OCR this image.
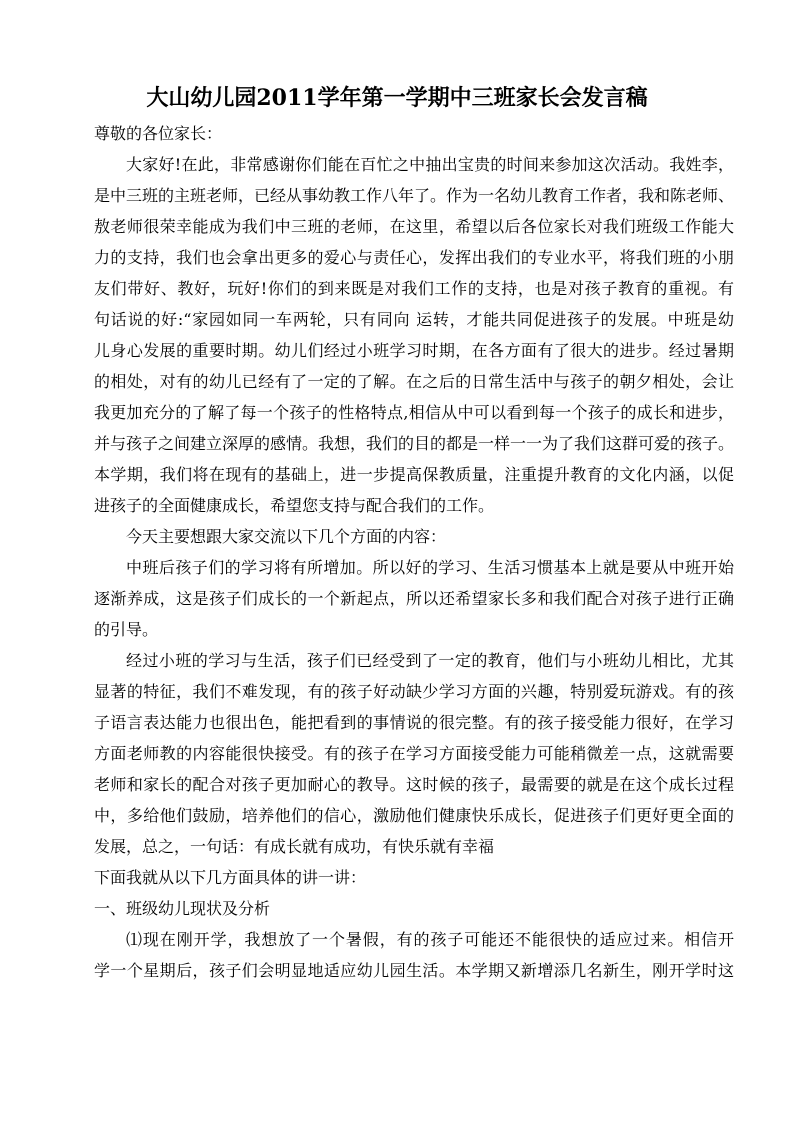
大山幼儿园2011学年第一学期中三班家长会发言稿
尊敬的各位家长：
大家好!在此，非常感谢你们能在百忙之中抽出宝贵的时间来参加这次活动。我姓李，
是中三班的主班老师，已经从事幼教工作八年了。作为一名幼儿教育工作者，我和陈老师、
敖老师很荣幸能成为我们中三班的老师，在这里，希望以后各位家长对我们班级工作能大
力的支持，我们也会拿出更多的爱心与责任心，发挥出我们的专业水平，将我们班的小朋
友们带好、教好，玩好!你们的到来既是对我们工作的支持，也是对孩子教育的重视。有
句话说的好:“家园如同一车两轮，只有同向 运转，才能共同促进孩子的发展。中班是幼
儿身心发展的重要时期。幼儿们经过小班学习时期，在各方面有了很大的进步。经过暑期
的相处，对有的幼儿已经有了一定的了解。在之后的日常生活中与孩子的朝夕相处，会让
我更加充分的了解了每一个孩子的性格特点,相信从中可以看到每一个孩子的成长和进步，
并与孩子之间建立深厚的感情。我想，我们的目的都是一样一一为了我们这群可爱的孩子。
本学期，我们将在现有的基础上，进一步提高保教质量，注重提升教育的文化内涵，以促
进孩子的全面健康成长，希望您支持与配合我们的工作。
今天主要想跟大家交流以下几个方面的内容：
中班后孩子们的学习将有所增加。所以好的学习、生活习惯基本上就是要从中班开始
逐渐养成，这是孩子们成长的一个新起点，所以还希望家长多和我们配合对孩子进行正确
的引导。
经过小班的学习与生活，孩子们已经受到了一定的教育，他们与小班幼儿相比，尤其
显著的特征，我们不难发现，有的孩子好动缺少学习方面的兴趣，特别爱玩游戏。有的孩
子语言表达能力也很出色，能把看到的事情说的很完整。有的孩子接受能力很好，在学习
方面老师教的内容能很快接受。有的孩子在学习方面接受能力可能稍微差一点，这就需要
老师和家长的配合对孩子更加耐心的教导。这时候的孩子，最需要的就是在这个成长过程
中，多给他们鼓励，培养他们的信心，激励他们健康快乐成长，促进孩子们更好更全面的
发展，总之，一句话：有成长就有成功，有快乐就有幸福
下面我就从以下几方面具体的讲一讲：
一、班级幼儿现状及分析
⑴现在刚开学，我想放了一个暑假，有的孩子可能还不能很快的适应过来。相信开
学一个星期后，孩子们会明显地适应幼儿园生活。本学期又新增添几名新生，刚开学时这
